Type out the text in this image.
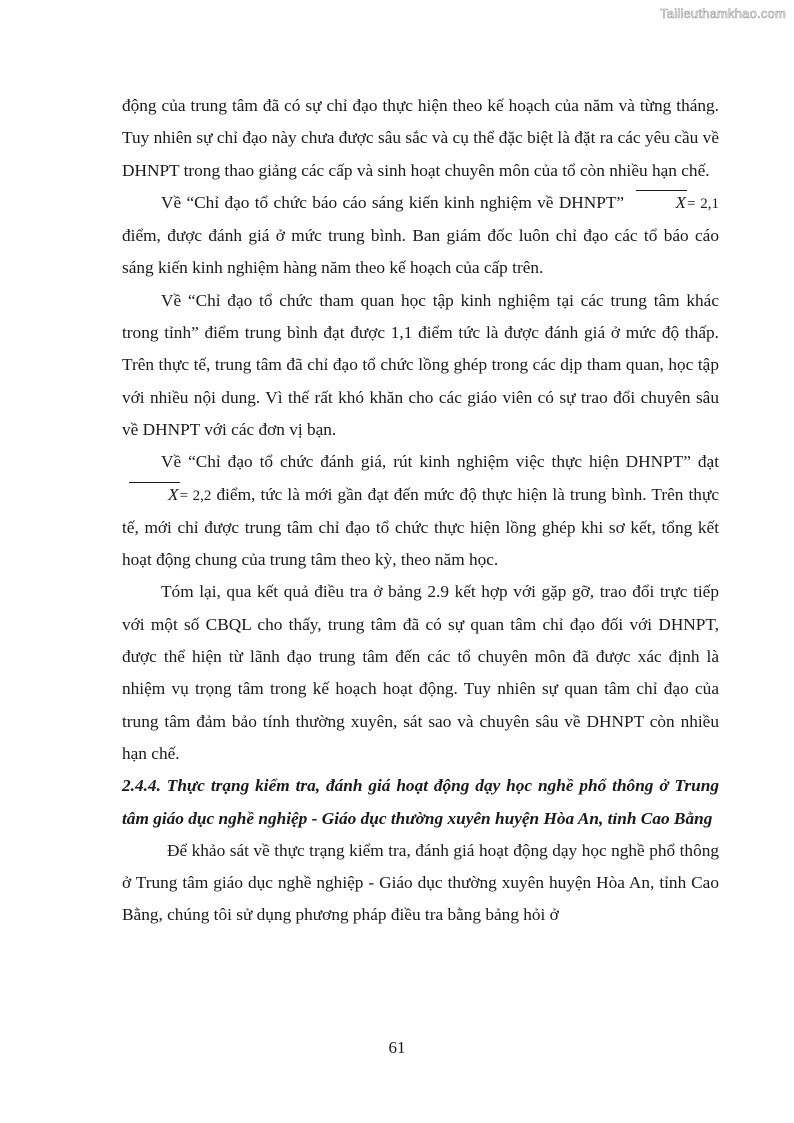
Tailieuthamkhao.com

động của trung tâm đã có sự chỉ đạo thực hiện theo kế hoạch của năm và từng tháng. Tuy nhiên sự chỉ đạo này chưa được sâu sắc và cụ thể đặc biệt là đặt ra các yêu cầu về DHNPT trong thao giảng các cấp và sinh hoạt chuyên môn của tổ còn nhiều hạn chế.

Về “Chỉ đạo tổ chức báo cáo sáng kiến kinh nghiệm về DHNPT”	X= 2,1 điểm, được đánh giá ở mức trung bình. Ban giám đốc luôn chỉ đạo các tổ báo cáo sáng kiến kinh nghiệm hàng năm theo kế hoạch của cấp trên.

Về “Chỉ đạo tổ chức tham quan học tập kinh nghiệm tại các trung tâm khác trong tỉnh” điểm trung bình đạt được 1,1 điểm tức là được đánh giá ở mức độ thấp. Trên thực tế, trung tâm đã chỉ đạo tổ chức lồng ghép trong các dịp tham quan, học tập với nhiều nội dung. Vì thế rất khó khăn cho các giáo viên có sự trao đổi chuyên sâu về DHNPT với các đơn vị bạn.

Về “Chỉ đạo tổ chức đánh giá, rút kinh nghiệm việc thực hiện DHNPT” đạt X= 2,2 điểm, tức là mới gần đạt đến mức độ thực hiện là trung bình. Trên thực tế, mới chỉ được trung tâm chỉ đạo tổ chức thực hiện lồng ghép khi sơ kết, tổng kết hoạt động chung của trung tâm theo kỳ, theo năm học.

Tóm lại, qua kết quả điều tra ở bảng 2.9 kết hợp với gặp gỡ, trao đổi trực tiếp với một số CBQL cho thấy, trung tâm đã có sự quan tâm chỉ đạo đối với DHNPT, được thể hiện từ lãnh đạo trung tâm đến các tổ chuyên môn đã được xác định là nhiệm vụ trọng tâm trong kế hoạch hoạt động. Tuy nhiên sự quan tâm chỉ đạo của trung tâm đảm bảo tính thường xuyên, sát sao và chuyên sâu về DHNPT còn nhiều hạn chế.

2.4.4. Thực trạng kiểm tra, đánh giá hoạt động dạy học nghề phổ thông ở Trung tâm giáo dục nghề nghiệp - Giáo dục thường xuyên huyện Hòa An, tỉnh Cao Bằng

Để khảo sát về thực trạng kiểm tra, đánh giá hoạt động dạy học nghề phổ thông ở Trung tâm giáo dục nghề nghiệp - Giáo dục thường xuyên huyện Hòa An, tỉnh Cao Bằng, chúng tôi sử dụng phương pháp điều tra bằng bảng hỏi ở

61
